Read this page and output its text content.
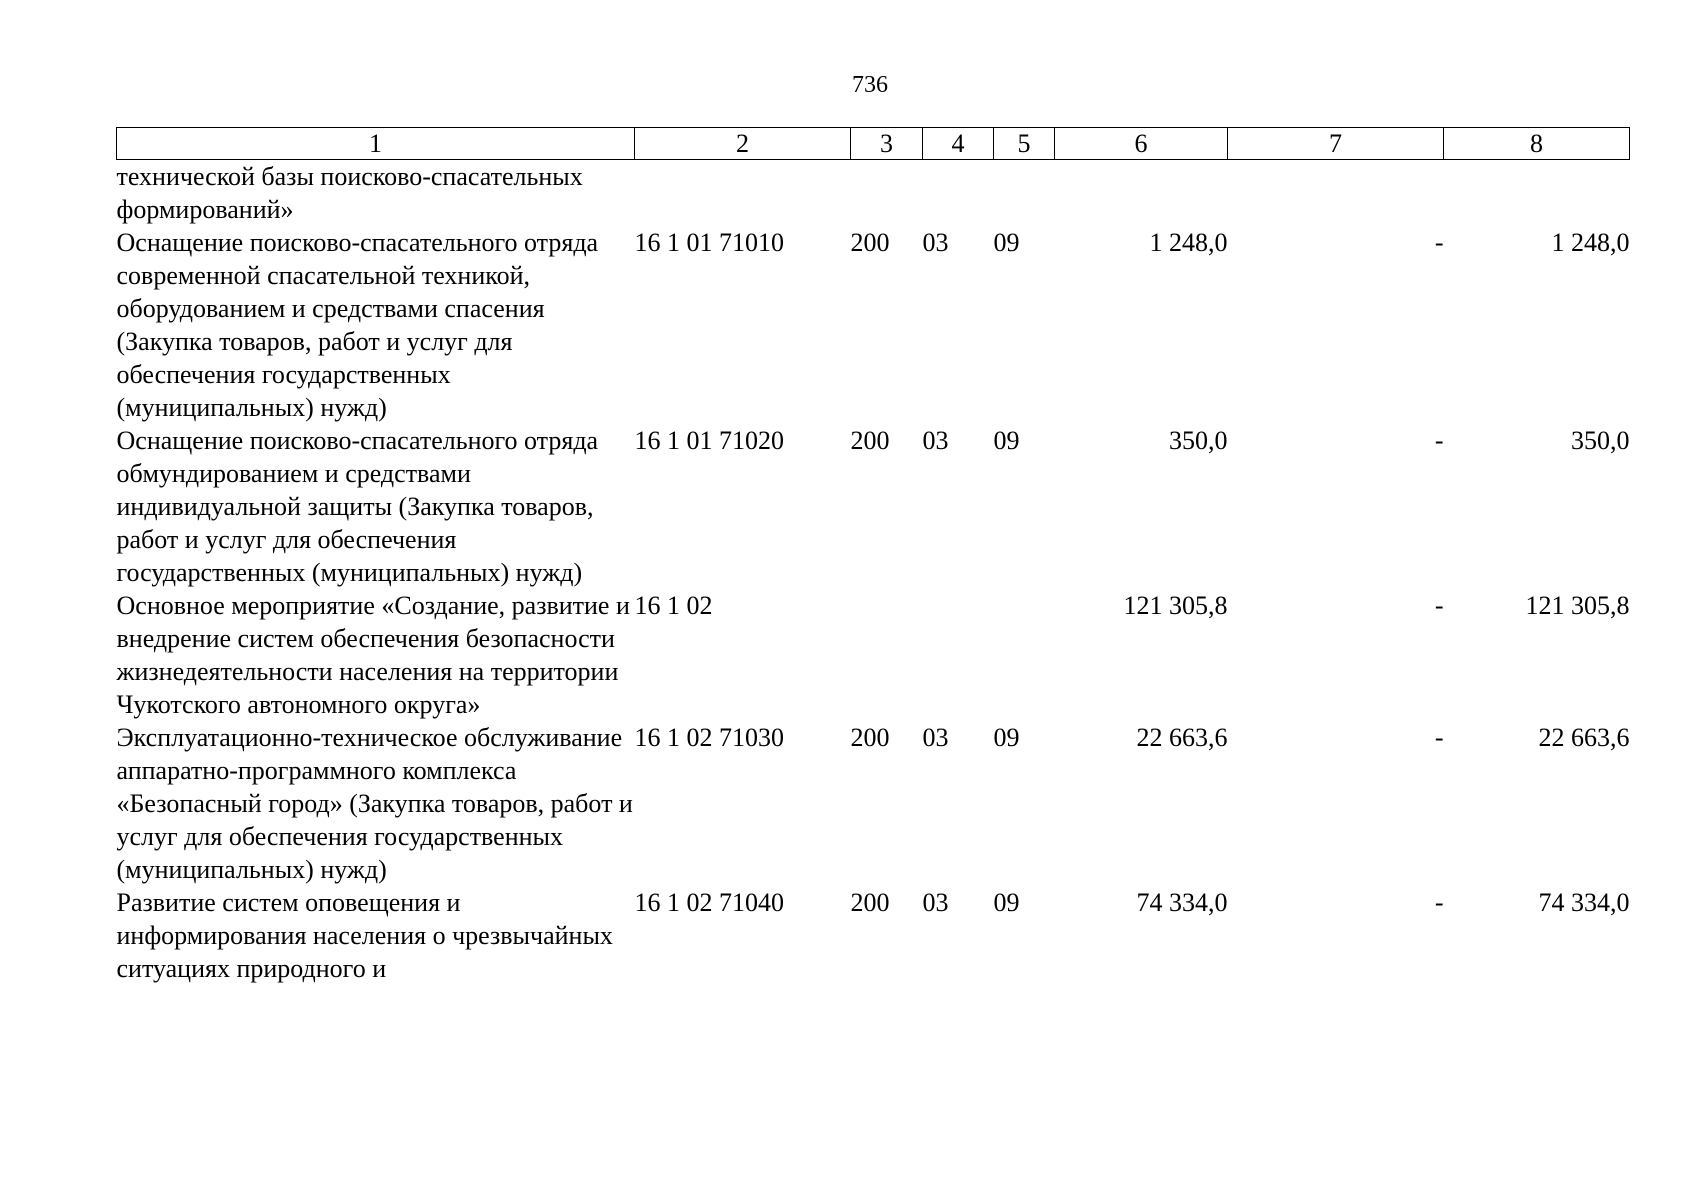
736
1	2	3	4	5	6	7	8
технической базы поисково-спасательных формирований»							
Оснащение поисково-спасательного отряда современной спасательной техникой, оборудованием и средствами спасения (Закупка товаров, работ и услуг для обеспечения государственных (муниципальных) нужд)	16 1 01 71010	200	03	09	1 248,0	-	1 248,0
Оснащение поисково-спасательного отряда обмундированием и средствами индивидуальной защиты (Закупка товаров, работ и услуг для обеспечения государственных (муниципальных) нужд)	16 1 01 71020	200	03	09	350,0	-	350,0
Основное мероприятие «Создание, развитие и внедрение систем обеспечения безопасности жизнедеятельности населения на территории Чукотского автономного округа»	16 1 02				121 305,8	-	121 305,8
Эксплуатационно-техническое обслуживание аппаратно-программного комплекса «Безопасный город» (Закупка товаров, работ и услуг для обеспечения государственных (муниципальных) нужд)	16 1 02 71030	200	03	09	22 663,6	-	22 663,6
Развитие систем оповещения и информирования населения о чрезвычайных ситуациях природного и	16 1 02 71040	200	03	09	74 334,0	-	74 334,0
